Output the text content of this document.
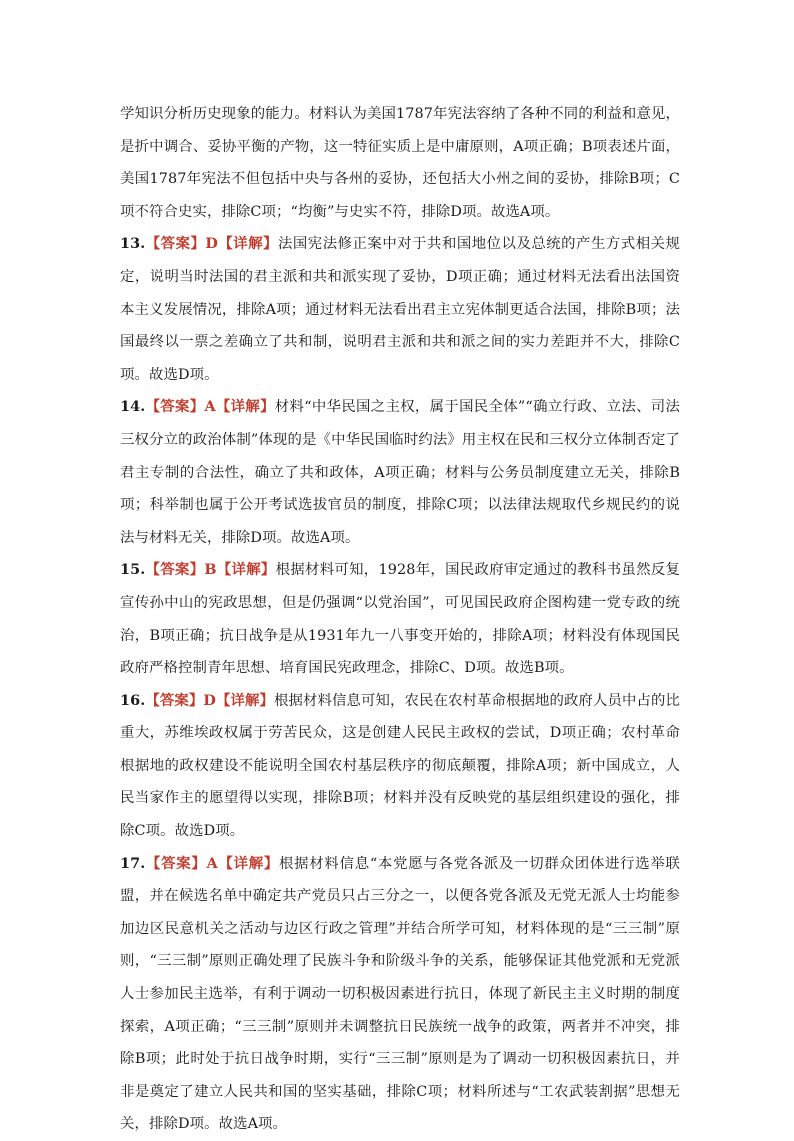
学知识分析历史现象的能力。材料认为美国1787年宪法容纳了各种不同的利益和意见，是折中调合、妥协平衡的产物，这一特征实质上是中庸原则，A项正确；B项表述片面，美国1787年宪法不但包括中央与各州的妥协，还包括大小州之间的妥协，排除B项；C项不符合史实，排除C项；“均衡”与史实不符，排除D项。故选A项。

13.【答案】D【详解】法国宪法修正案中对于共和国地位以及总统的产生方式相关规定，说明当时法国的君主派和共和派实现了妥协，D项正确；通过材料无法看出法国资本主义发展情况，排除A项；通过材料无法看出君主立宪体制更适合法国，排除B项；法国最终以一票之差确立了共和制，说明君主派和共和派之间的实力差距并不大，排除C项。故选D项。

14.【答案】A【详解】材料“中华民国之主权，属于国民全体”“确立行政、立法、司法三权分立的政治体制”体现的是《中华民国临时约法》用主权在民和三权分立体制否定了君主专制的合法性，确立了共和政体，A项正确；材料与公务员制度建立无关，排除B项；科举制也属于公开考试选拔官员的制度，排除C项；以法律法规取代乡规民约的说法与材料无关，排除D项。故选A项。

15.【答案】B【详解】根据材料可知，1928年，国民政府审定通过的教科书虽然反复宣传孙中山的宪政思想，但是仍强调“以党治国”，可见国民政府企图构建一党专政的统治，B项正确；抗日战争是从1931年九一八事变开始的，排除A项；材料没有体现国民政府严格控制青年思想、培育国民宪政理念，排除C、D项。故选B项。

16.【答案】D【详解】根据材料信息可知，农民在农村革命根据地的政府人员中占的比重大，苏维埃政权属于劳苦民众，这是创建人民民主政权的尝试，D项正确；农村革命根据地的政权建设不能说明全国农村基层秩序的彻底颠覆，排除A项；新中国成立，人民当家作主的愿望得以实现，排除B项；材料并没有反映党的基层组织建设的强化，排除C项。故选D项。

17.【答案】A【详解】根据材料信息“本党愿与各党各派及一切群众团体进行选举联盟，并在候选名单中确定共产党员只占三分之一，以便各党各派及无党无派人士均能参加边区民意机关之活动与边区行政之管理”并结合所学可知，材料体现的是“三三制”原则，“三三制”原则正确处理了民族斗争和阶级斗争的关系，能够保证其他党派和无党派人士参加民主选举，有利于调动一切积极因素进行抗日，体现了新民主主义时期的制度探索，A项正确；“三三制”原则并未调整抗日民族统一战争的政策，两者并不冲突，排除B项；此时处于抗日战争时期，实行“三三制”原则是为了调动一切积极因素抗日，并非是奠定了建立人民共和国的坚实基础，排除C项；材料所述与“工农武装割据”思想无关，排除D项。故选A项。
